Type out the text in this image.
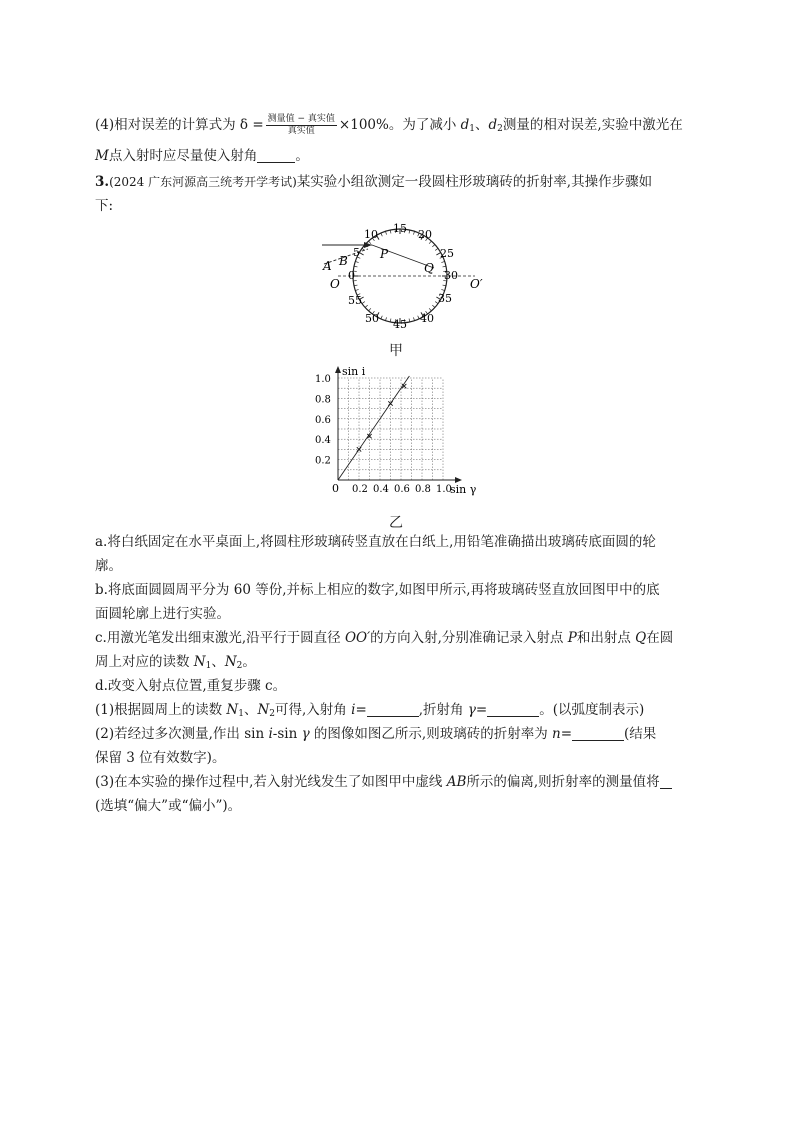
(4)相对误差的计算式为 $\delta = \frac{\text{测量值 − 真实值}}{\text{真实值}} \times 100\%$。为了减小 $d_1$、$d_2$测量的相对误差,实验中激光在
M点入射时应尽量使入射角	。
3.(2024 广东河源高三统考开学考试)某实验小组欲测定一段圆柱形玻璃砖的折射率,其操作步骤如
下:
P
Q
A B
O	O′
0
5
10 15 20
25
30
35
40
45
50
55
甲
0.2 0.4 0.6 0.8 1.0
0.2
0.4
0.6
0.8
1.0
sin i
sin γ
0
乙
a.将白纸固定在水平桌面上,将圆柱形玻璃砖竖直放在白纸上,用铅笔准确描出玻璃砖底面圆的轮
廓。
b.将底面圆圆周平分为 60 等份,并标上相应的数字,如图甲所示,再将玻璃砖竖直放回图甲中的底
面圆轮廓上进行实验。
c.用激光笔发出细束激光,沿平行于圆直径 OO′的方向入射,分别准确记录入射点 P和出射点 Q在圆
周上对应的读数 $N_1$、$N_2$。
d.改变入射点位置,重复步骤 c。
(1)根据圆周上的读数 $N_1$、$N_2$可得,入射角 i=	,折射角 γ=	。(以弧度制表示)
(2)若经过多次测量,作出 sin i-sin γ 的图像如图乙所示,则玻璃砖的折射率为 n=	(结果
保留 3 位有效数字)。
(3)在本实验的操作过程中,若入射光线发生了如图甲中虚线 AB所示的偏离,则折射率的测量值将
(选填“偏大”或“偏小”)。
